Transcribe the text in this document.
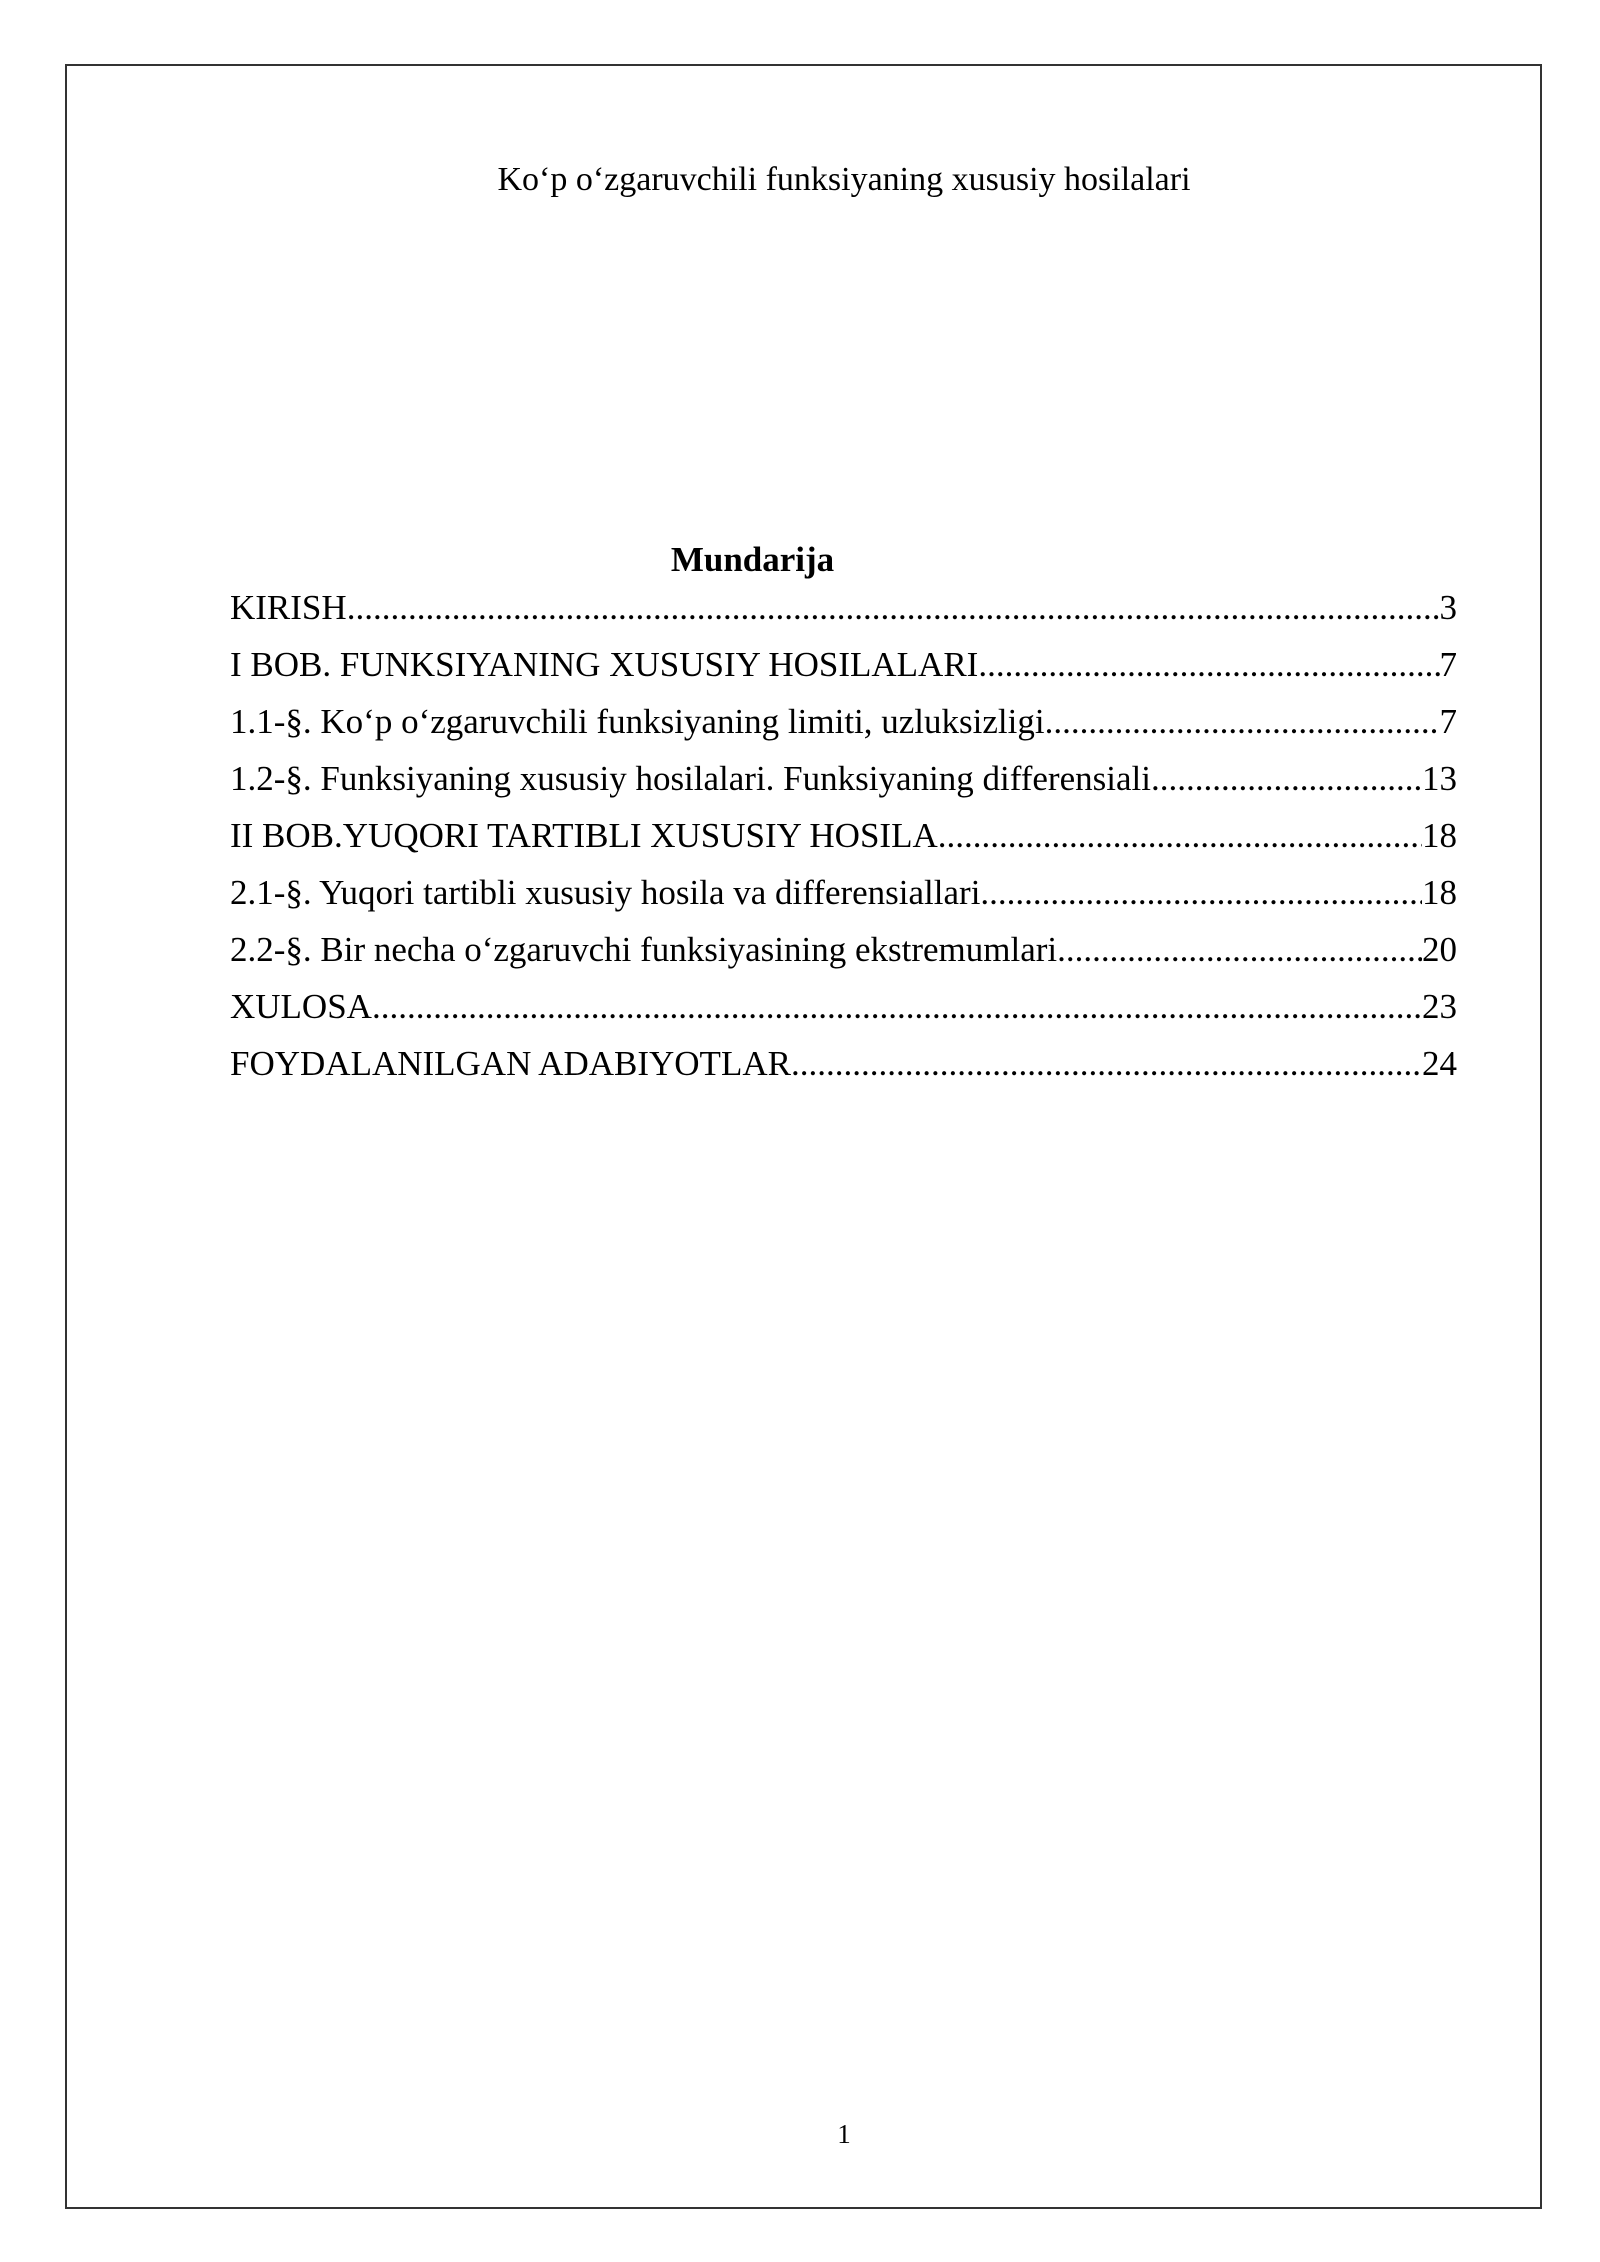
Ko‘p o‘zgaruvchili funksiyaning xususiy hosilalari
Mundarija
KIRISH .....	3
I BOB. FUNKSIYANING XUSUSIY HOSILALARI .....	7
1.1-§. Ko‘p o‘zgaruvchili funksiyaning limiti, uzluksizligi .....	7
1.2-§. Funksiyaning xususiy hosilalari. Funksiyaning differensiali .....	13
II BOB.YUQORI TARTIBLI XUSUSIY HOSILA .....	18
2.1-§. Yuqori tartibli xususiy hosila va differensiallari .....	18
2.2-§. Bir necha o‘zgaruvchi funksiyasining ekstremumlari .....	20
XULOSA .....	23
FOYDALANILGAN ADABIYOTLAR .....	24
1
